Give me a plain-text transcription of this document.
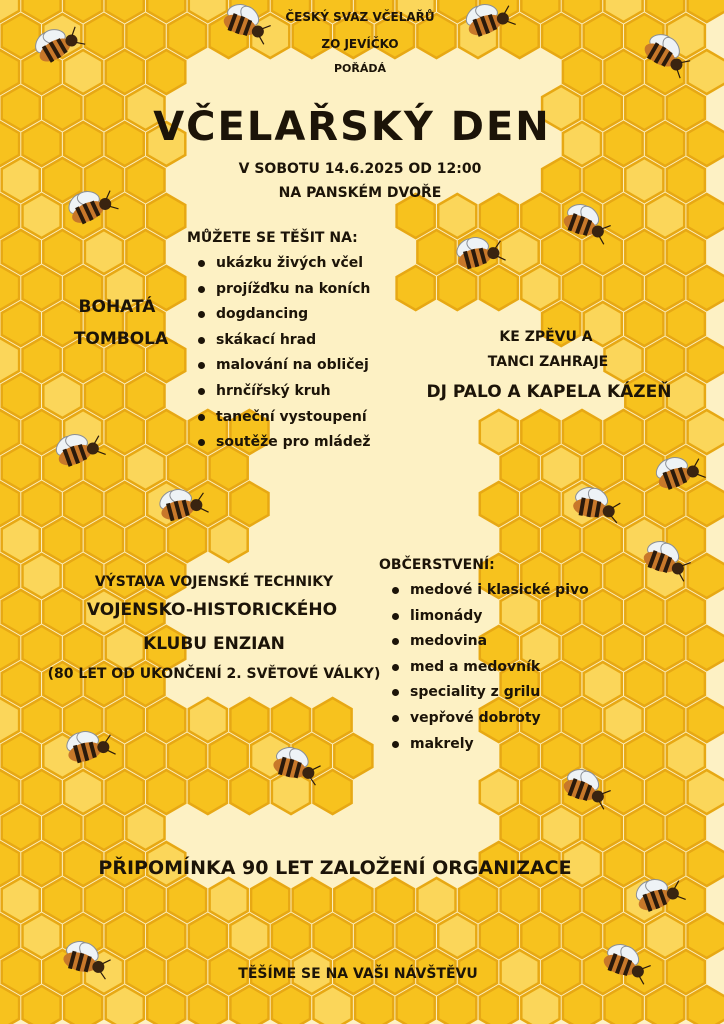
ČESKÝ SVAZ VČELAŘŮ
ZO JEVÍČKO
POŘÁDÁ
VČELAŘSKÝ DEN
V SOBOTU 14.6.2025 OD 12:00
NA PANSKÉM DVOŘE
MŮŽETE SE TĚŠIT NA:
ukázku živých včel
projížďku na koních
dogdancing
skákací hrad
malování na obličej
hrnčířský kruh
taneční vystoupení
soutěže pro mládež
BOHATÁ
TOMBOLA	KE ZPĚVU A
TANCI ZAHRAJE
DJ PALO A KAPELA KÁZEŇ
VÝSTAVA VOJENSKÉ TECHNIKY
VOJENSKO-HISTORICKÉHO
KLUBU ENZIAN
(80 LET OD UKONČENÍ 2. SVĚTOVÉ VÁLKY)
OBČERSTVENÍ:
medové i klasické pivo
limonády
medovina
med a medovník
speciality z grilu
vepřové dobroty
makrely
PŘIPOMÍNKA 90 LET ZALOŽENÍ ORGANIZACE
TĚŠÍME SE NA VAŠI NÁVŠTĚVU
